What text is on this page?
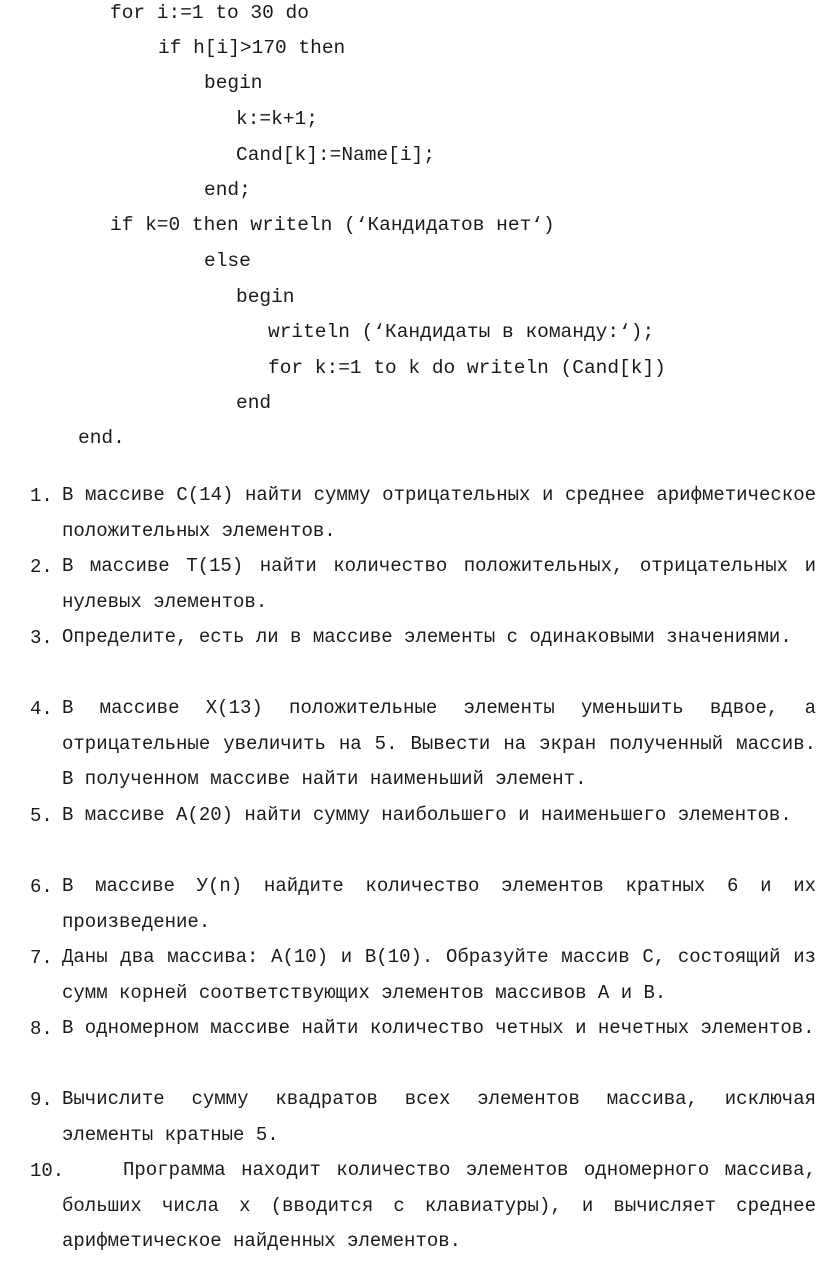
for i:=1 to 30 do
if h[i]>170 then
begin
k:=k+1;
Cand[k]:=Name[i];
end;
if k=0 then writeln (‘Кандидатов нет‘)
else
begin
writeln (‘Кандидаты в команду:‘);
for k:=1 to k do writeln (Cand[k])
end
end.
1. В массиве С(14) найти сумму отрицательных и среднее арифметическое положительных элементов.
2. В массиве Т(15) найти количество положительных, отрицательных и нулевых элементов.
3. Определите, есть ли в массиве элементы с одинаковыми значениями.
4. В массиве Х(13) положительные элементы уменьшить вдвое, а отрицательные увеличить на 5. Вывести на экран полученный массив. В полученном массиве найти наименьший элемент.
5. В массиве А(20) найти сумму наибольшего и наименьшего элементов.
6. В массиве У(n) найдите количество элементов кратных 6 и их произведение.
7. Даны два массива: А(10) и В(10). Образуйте массив С, состоящий из сумм корней соответствующих элементов массивов А и В.
8. В одномерном массиве найти количество четных и нечетных элементов.
9. Вычислите сумму квадратов всех элементов массива, исключая элементы кратные 5.
10.	Программа находит количество элементов одномерного массива, больших числа х (вводится с клавиатуры), и вычисляет среднее арифметическое найденных элементов.
